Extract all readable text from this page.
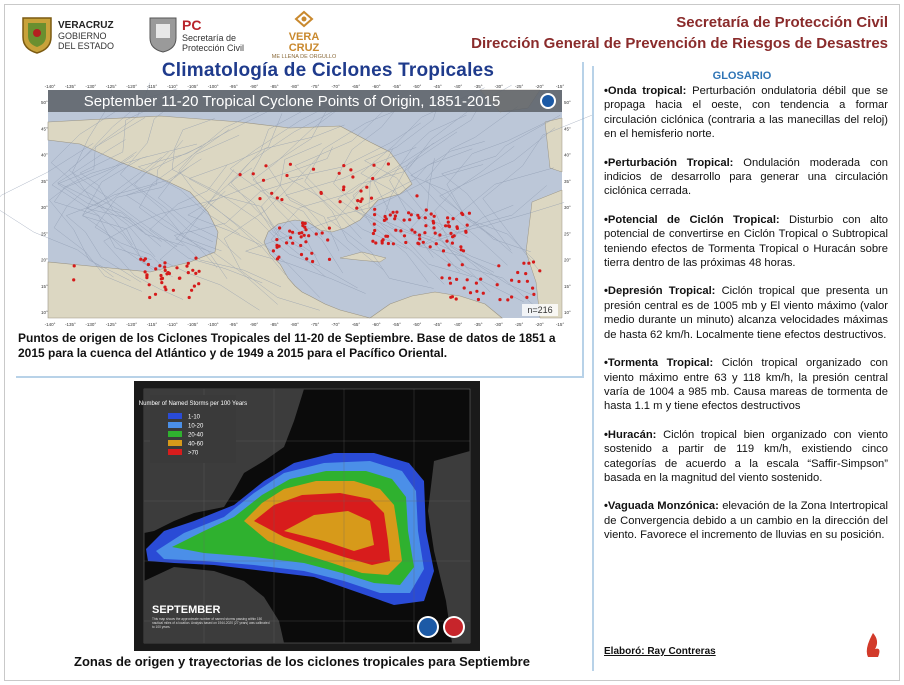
VERACRUZ
GOBIERNO
DEL ESTADO
PC
Secretaría de
Protección Civil
VERA
CRUZ
ME LLENA DE ORGULLO
Secretaría de Protección Civil
Dirección General de Prevención de Riesgos de Desastres
Climatología de Ciclones Tropicales
September 11-20 Tropical Cyclone Points of Origin, 1851-2015
n=216
-140°
-140°
-135°
-135°
-130°
-130°
-125°
-125°
-120°
-120°
-115°
-115°
-110°
-110°
-105°
-105°
-100°
-100°
-95°
-95°
-90°
-90°
-85°
-85°
-80°
-80°
-75°
-75°
-70°
-70°
-65°
-65°
-60°
-60°
-55°
-55°
-50°
-50°
-45°
-45°
-40°
-40°
-35°
-35°
-30°
-30°
-25°
-25°
-20°
-20°
-15°
-15°
10°	10°
15°	15°
20°	20°
25°	25°
30°	30°
35°	35°
40°	40°
45°	45°
50°	50°
Puntos de origen de los Ciclones Tropicales del 11-20 de Septiembre. Base de datos de 1851 a 2015 para la cuenca del Atlántico y de 1949 a 2015 para el Pacífico Oriental.
Number of Named Storms per 100 Years
1-10
10-20
20-40
40-60
>70
SEPTEMBER
This map shows the approximate number of named storms passing within 150 nautical miles of a location. Analysis based on 1944-2020 (27 years) was calibrated to 100 years.
Zonas de origen y trayectorias de los ciclones tropicales para Septiembre
GLOSARIO
•Onda tropical: Perturbación ondulatoria débil que se propaga hacia el oeste, con tendencia a formar circulación ciclónica (contraria a las manecillas del reloj) en el hemisferio norte.
•Perturbación Tropical: Ondulación moderada con indicios de desarrollo para generar una circulación ciclónica cerrada.
•Potencial de Ciclón Tropical: Disturbio con alto potencial de convertirse en Ciclón Tropical o Subtropical teniendo efectos de Tormenta Tropical o Huracán sobre tierra dentro de las próximas 48 horas.
•Depresión Tropical: Ciclón tropical que presenta un presión central es de 1005 mb y El viento máximo (valor medio durante un minuto) alcanza velocidades máximas de hasta 62 km/h. Localmente tiene efectos destructivos.
•Tormenta Tropical: Ciclón tropical organizado con viento máximo entre 63 y 118 km/h, la presión central varía de 1004 a 985 mb. Causa mareas de tormenta de hasta 1.1 m y tiene efectos destructivos
•Huracán: Ciclón tropical bien organizado con viento sostenido a partir de 119 km/h, existiendo cinco categorías de acuerdo a la escala “Saffir-Simpson” basada en la magnitud del viento sostenido.
•Vaguada Monzónica: elevación de la Zona Intertropical de Convergencia debido a un cambio en la dirección del viento. Favorece el incremento de lluvias en su posición.
Elaboró: Ray Contreras
